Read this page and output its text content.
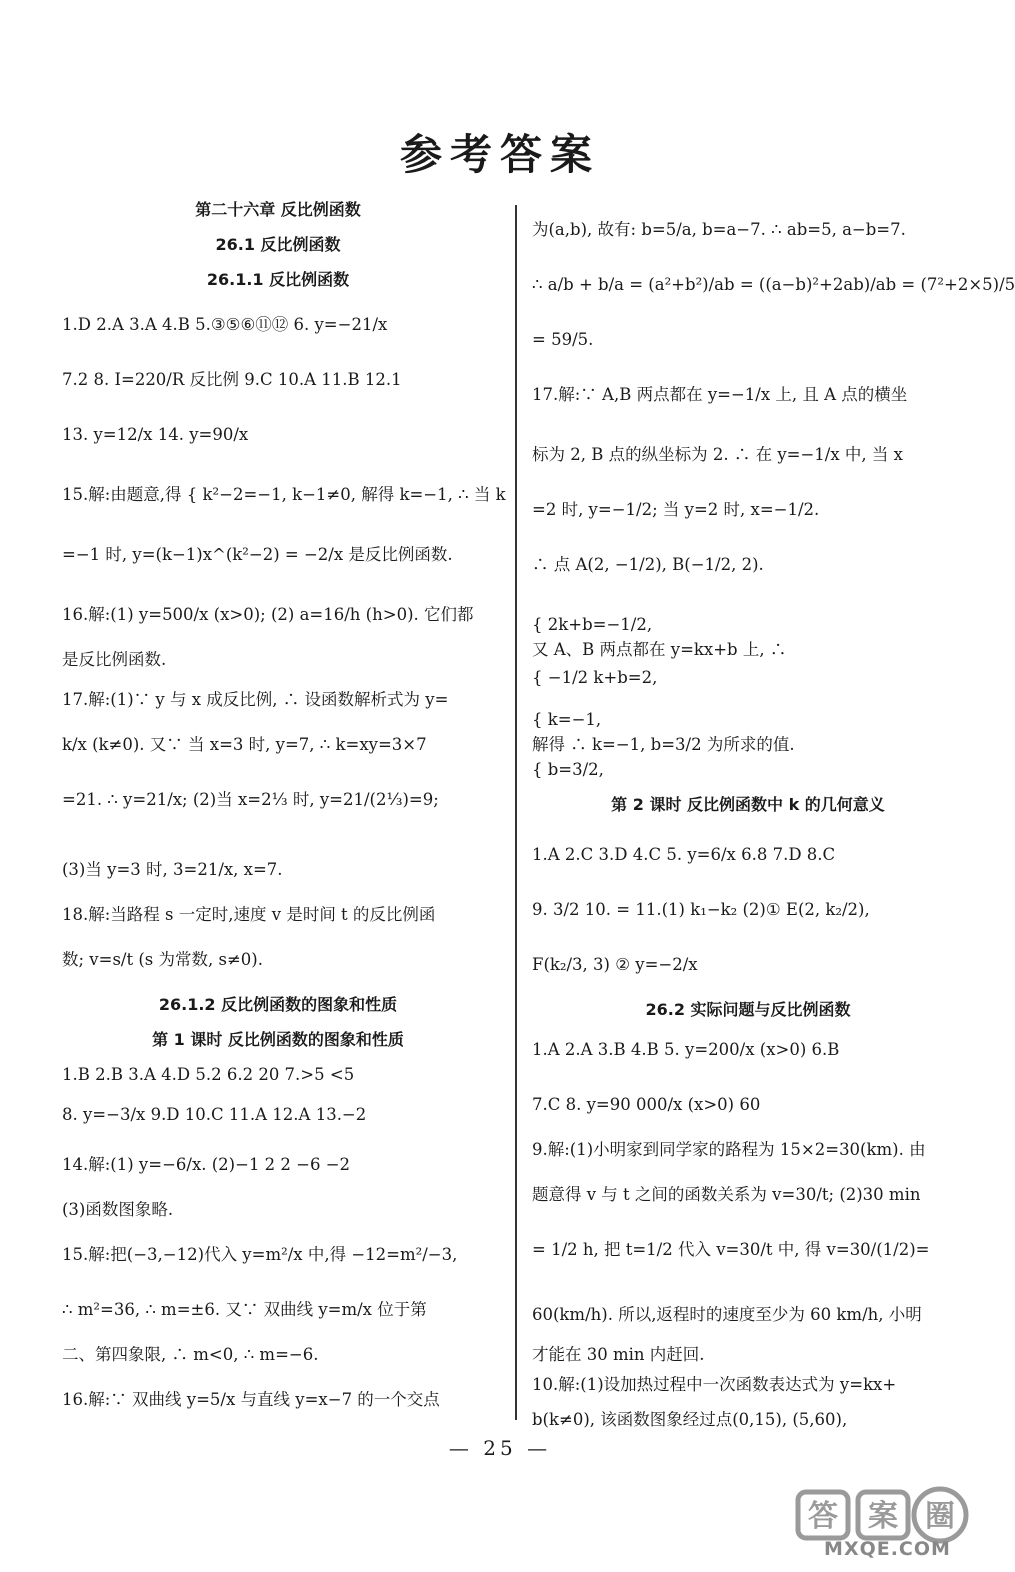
参考答案
第二十六章 反比例函数
26.1 反比例函数
26.1.1 反比例函数
1.D 2.A 3.A 4.B 5.③⑤⑥⑪⑫ 6. y=−21/x
7.2 8. I=220/R 反比例 9.C 10.A 11.B 12.1
13. y=12/x 14. y=90/x
15.解:由题意,得 { k²−2=−1, k−1≠0, 解得 k=−1, ∴ 当 k
=−1 时, y=(k−1)x^(k²−2) = −2/x 是反比例函数.
16.解:(1) y=500/x (x>0); (2) a=16/h (h>0). 它们都
是反比例函数.
17.解:(1)∵ y 与 x 成反比例, ∴ 设函数解析式为 y=
k/x (k≠0). 又∵ 当 x=3 时, y=7, ∴ k=xy=3×7
=21. ∴ y=21/x; (2)当 x=2⅓ 时, y=21/(2⅓)=9;
(3)当 y=3 时, 3=21/x, x=7.
18.解:当路程 s 一定时,速度 v 是时间 t 的反比例函
数; v=s/t (s 为常数, s≠0).
26.1.2 反比例函数的图象和性质
第 1 课时 反比例函数的图象和性质
1.B 2.B 3.A 4.D 5.2 6.2 20 7.>5 <5
8. y=−3/x 9.D 10.C 11.A 12.A 13.−2
14.解:(1) y=−6/x. (2)−1 2 2 −6 −2
(3)函数图象略.
15.解:把(−3,−12)代入 y=m²/x 中,得 −12=m²/−3,
∴ m²=36, ∴ m=±6. 又∵ 双曲线 y=m/x 位于第
二、第四象限, ∴ m<0, ∴ m=−6.
16.解:∵ 双曲线 y=5/x 与直线 y=x−7 的一个交点
为(a,b), 故有: b=5/a, b=a−7. ∴ ab=5, a−b=7.
∴ a/b + b/a = (a²+b²)/ab = ((a−b)²+2ab)/ab = (7²+2×5)/5
= 59/5.
17.解:∵ A,B 两点都在 y=−1/x 上, 且 A 点的横坐
标为 2, B 点的纵坐标为 2. ∴ 在 y=−1/x 中, 当 x
=2 时, y=−1/2; 当 y=2 时, x=−1/2.
∴ 点 A(2, −1/2), B(−1/2, 2).
{ 2k+b=−1/2,
又 A、B 两点都在 y=kx+b 上, ∴
{ −1/2 k+b=2,
{ k=−1,
解得 ∴ k=−1, b=3/2 为所求的值.
{ b=3/2,
第 2 课时 反比例函数中 k 的几何意义
1.A 2.C 3.D 4.C 5. y=6/x 6.8 7.D 8.C
9. 3/2 10. = 11.(1) k₁−k₂ (2)① E(2, k₂/2),
F(k₂/3, 3) ② y=−2/x
26.2 实际问题与反比例函数
1.A 2.A 3.B 4.B 5. y=200/x (x>0) 6.B
7.C 8. y=90 000/x (x>0) 60
9.解:(1)小明家到同学家的路程为 15×2=30(km). 由
题意得 v 与 t 之间的函数关系为 v=30/t; (2)30 min
= 1/2 h, 把 t=1/2 代入 v=30/t 中, 得 v=30/(1/2)=
60(km/h). 所以,返程时的速度至少为 60 km/h, 小明
才能在 30 min 内赶回.
10.解:(1)设加热过程中一次函数表达式为 y=kx+
b(k≠0), 该函数图象经过点(0,15), (5,60),
— 25 —
答 案 圈
MXQE.COM
